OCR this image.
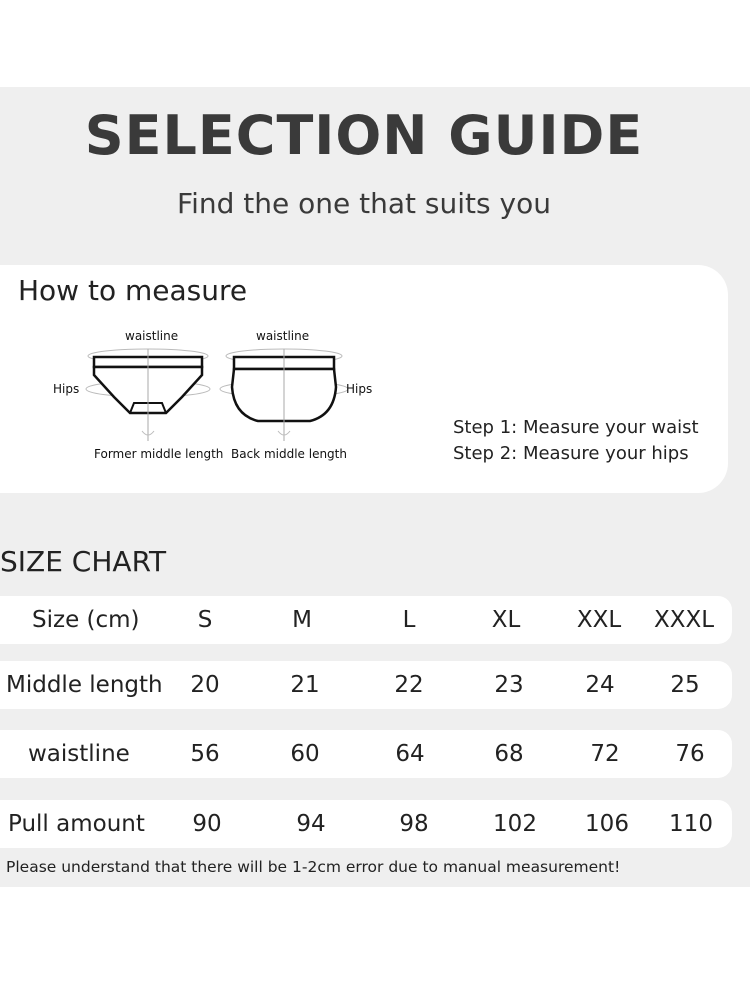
SELECTION GUIDE
Find the one that suits you
How to measure
waistline
Hips
Former middle length
waistline
Hips
Back middle length
Step 1: Measure your waist
Step 2: Measure your hips
SIZE CHART
Size (cm)	S	M	L	XL XXL XXXL
Middle length 20	21	22	23	24 25
waistline	56	60	64	68	72 76
Pull amount 90	94	98	102 106 110
Please understand that there will be 1-2cm error due to manual measurement!
